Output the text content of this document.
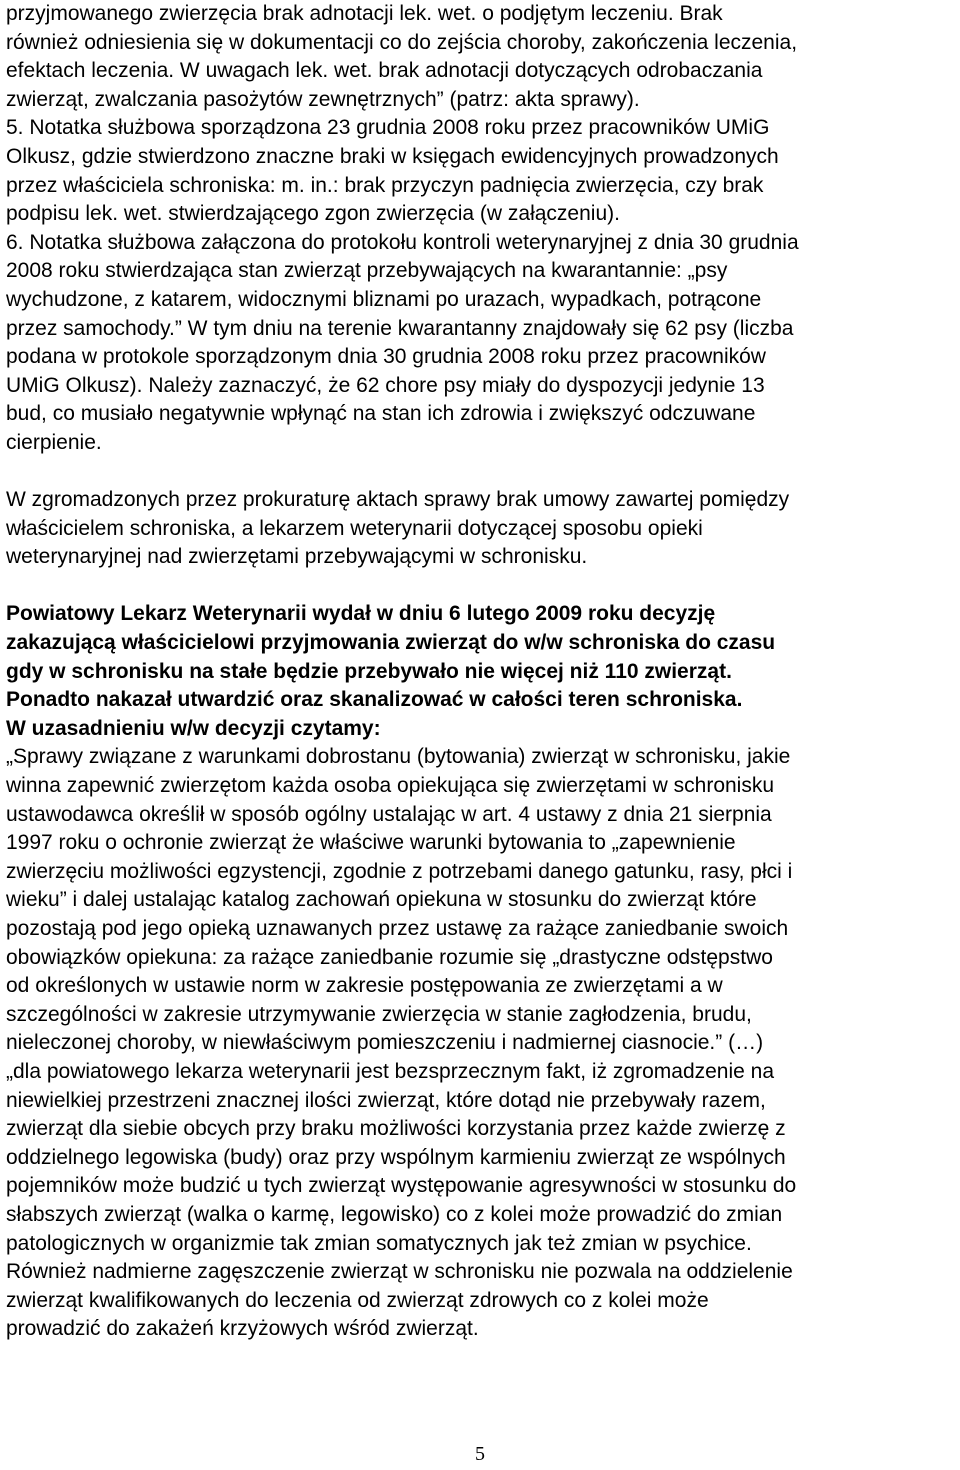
przyjmowanego zwierzęcia brak adnotacji lek. wet. o podjętym leczeniu. Brak
również odniesienia się w dokumentacji co do zejścia choroby, zakończenia leczenia,
efektach leczenia. W uwagach lek. wet. brak adnotacji dotyczących odrobaczania
zwierząt, zwalczania pasożytów zewnętrznych” (patrz: akta sprawy).
5. Notatka służbowa sporządzona 23 grudnia 2008 roku przez pracowników UMiG
Olkusz, gdzie stwierdzono znaczne braki w księgach ewidencyjnych prowadzonych
przez właściciela schroniska: m. in.: brak przyczyn padnięcia zwierzęcia, czy brak
podpisu lek. wet. stwierdzającego zgon zwierzęcia (w załączeniu).
6. Notatka służbowa załączona do protokołu kontroli weterynaryjnej z dnia 30 grudnia
2008 roku stwierdzająca stan zwierząt przebywających na kwarantannie: „psy
wychudzone, z katarem, widocznymi bliznami po urazach, wypadkach, potrącone
przez samochody.” W tym dniu na terenie kwarantanny znajdowały się 62 psy (liczba
podana w protokole sporządzonym dnia 30 grudnia 2008 roku przez pracowników
UMiG Olkusz). Należy zaznaczyć, że 62 chore psy miały do dyspozycji jedynie 13
bud, co musiało negatywnie wpłynąć na stan ich zdrowia i zwiększyć odczuwane
cierpienie.
W zgromadzonych przez prokuraturę aktach sprawy brak umowy zawartej pomiędzy
właścicielem schroniska, a lekarzem weterynarii dotyczącej sposobu opieki
weterynaryjnej nad zwierzętami przebywającymi w schronisku.
Powiatowy Lekarz Weterynarii wydał w dniu 6 lutego 2009 roku decyzję
zakazującą właścicielowi przyjmowania zwierząt do w/w schroniska do czasu
gdy w schronisku na stałe będzie przebywało nie więcej niż 110 zwierząt.
Ponadto nakazał utwardzić oraz skanalizować w całości teren schroniska.
W uzasadnieniu w/w decyzji czytamy:
„Sprawy związane z warunkami dobrostanu (bytowania) zwierząt w schronisku, jakie
winna zapewnić zwierzętom każda osoba opiekująca się zwierzętami w schronisku
ustawodawca określił w sposób ogólny ustalając w art. 4 ustawy z dnia 21 sierpnia
1997 roku o ochronie zwierząt że właściwe warunki bytowania to „zapewnienie
zwierzęciu możliwości egzystencji, zgodnie z potrzebami danego gatunku, rasy, płci i
wieku” i dalej ustalając katalog zachowań opiekuna w stosunku do zwierząt które
pozostają pod jego opieką uznawanych przez ustawę za rażące zaniedbanie swoich
obowiązków opiekuna: za rażące zaniedbanie rozumie się „drastyczne odstępstwo
od określonych w ustawie norm w zakresie postępowania ze zwierzętami a w
szczególności w zakresie utrzymywanie zwierzęcia w stanie zagłodzenia, brudu,
nieleczonej choroby, w niewłaściwym pomieszczeniu i nadmiernej ciasnocie.” (…)
„dla powiatowego lekarza weterynarii jest bezsprzecznym fakt, iż zgromadzenie na
niewielkiej przestrzeni znacznej ilości zwierząt, które dotąd nie przebywały razem,
zwierząt dla siebie obcych przy braku możliwości korzystania przez każde zwierzę z
oddzielnego legowiska (budy) oraz przy wspólnym karmieniu zwierząt ze wspólnych
pojemników może budzić u tych zwierząt występowanie agresywności w stosunku do
słabszych zwierząt (walka o karmę, legowisko) co z kolei może prowadzić do zmian
patologicznych w organizmie tak zmian somatycznych jak też zmian w psychice.
Również nadmierne zagęszczenie zwierząt w schronisku nie pozwala na oddzielenie
zwierząt kwalifikowanych do leczenia od zwierząt zdrowych co z kolei może
prowadzić do zakażeń krzyżowych wśród zwierząt.
5
